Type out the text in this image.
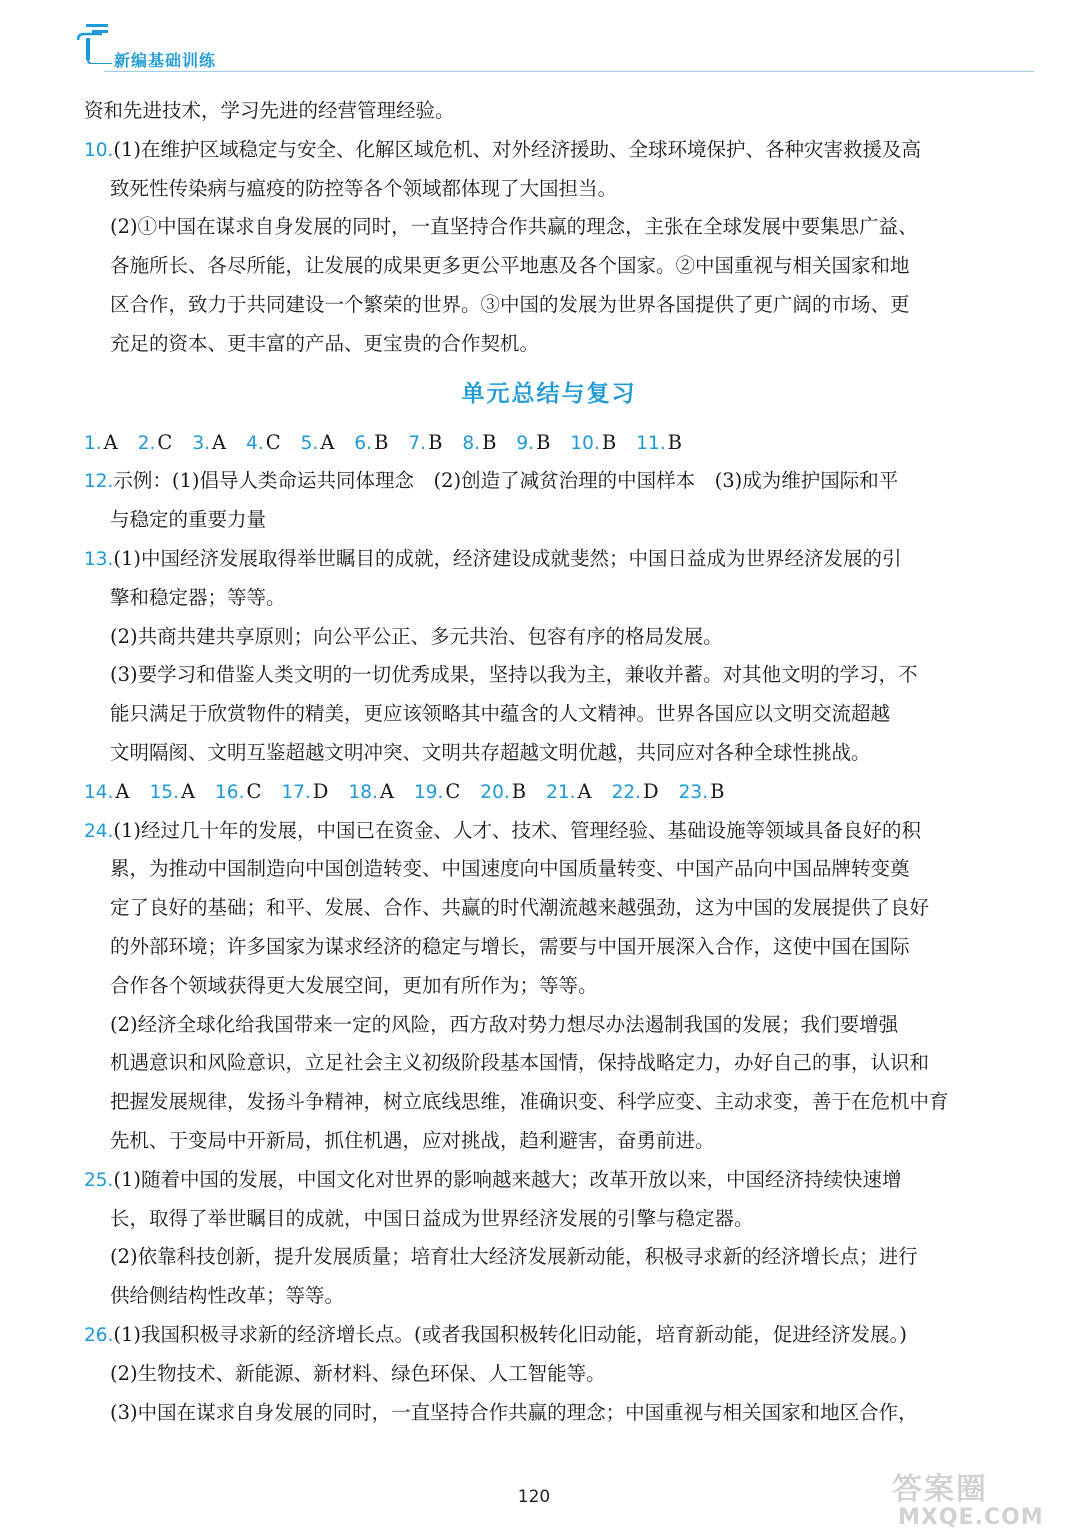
新编基础训练
资和先进技术，学习先进的经营管理经验。
10.(1)在维护区域稳定与安全、化解区域危机、对外经济援助、全球环境保护、各种灾害救援及高
致死性传染病与瘟疫的防控等各个领域都体现了大国担当。
(2)①中国在谋求自身发展的同时，一直坚持合作共赢的理念，主张在全球发展中要集思广益、
各施所长、各尽所能，让发展的成果更多更公平地惠及各个国家。②中国重视与相关国家和地
区合作，致力于共同建设一个繁荣的世界。③中国的发展为世界各国提供了更广阔的市场、更
充足的资本、更丰富的产品、更宝贵的合作契机。
单元总结与复习
1. A 2. C 3. A 4. C 5. A 6. B 7. B 8. B 9. B 10. B 11. B
12.示例：(1)倡导人类命运共同体理念　(2)创造了减贫治理的中国样本　(3)成为维护国际和平
与稳定的重要力量
13.(1)中国经济发展取得举世瞩目的成就，经济建设成就斐然；中国日益成为世界经济发展的引
擎和稳定器；等等。
(2)共商共建共享原则；向公平公正、多元共治、包容有序的格局发展。
(3)要学习和借鉴人类文明的一切优秀成果，坚持以我为主，兼收并蓄。对其他文明的学习，不
能只满足于欣赏物件的精美，更应该领略其中蕴含的人文精神。世界各国应以文明交流超越
文明隔阂、文明互鉴超越文明冲突、文明共存超越文明优越，共同应对各种全球性挑战。
14. A 15. A 16. C 17. D 18. A 19. C 20. B 21. A 22. D 23. B
24.(1)经过几十年的发展，中国已在资金、人才、技术、管理经验、基础设施等领域具备良好的积
累，为推动中国制造向中国创造转变、中国速度向中国质量转变、中国产品向中国品牌转变奠
定了良好的基础；和平、发展、合作、共赢的时代潮流越来越强劲，这为中国的发展提供了良好
的外部环境；许多国家为谋求经济的稳定与增长，需要与中国开展深入合作，这使中国在国际
合作各个领域获得更大发展空间，更加有所作为；等等。
(2)经济全球化给我国带来一定的风险，西方敌对势力想尽办法遏制我国的发展；我们要增强
机遇意识和风险意识，立足社会主义初级阶段基本国情，保持战略定力，办好自己的事，认识和
把握发展规律，发扬斗争精神，树立底线思维，准确识变、科学应变、主动求变，善于在危机中育
先机、于变局中开新局，抓住机遇，应对挑战，趋利避害，奋勇前进。
25.(1)随着中国的发展，中国文化对世界的影响越来越大；改革开放以来，中国经济持续快速增
长，取得了举世瞩目的成就，中国日益成为世界经济发展的引擎与稳定器。
(2)依靠科技创新，提升发展质量；培育壮大经济发展新动能，积极寻求新的经济增长点；进行
供给侧结构性改革；等等。
26.(1)我国积极寻求新的经济增长点。(或者我国积极转化旧动能，培育新动能，促进经济发展。)
(2)生物技术、新能源、新材料、绿色环保、人工智能等。
(3)中国在谋求自身发展的同时，一直坚持合作共赢的理念；中国重视与相关国家和地区合作，
120	答案圈
MXQE.COM
